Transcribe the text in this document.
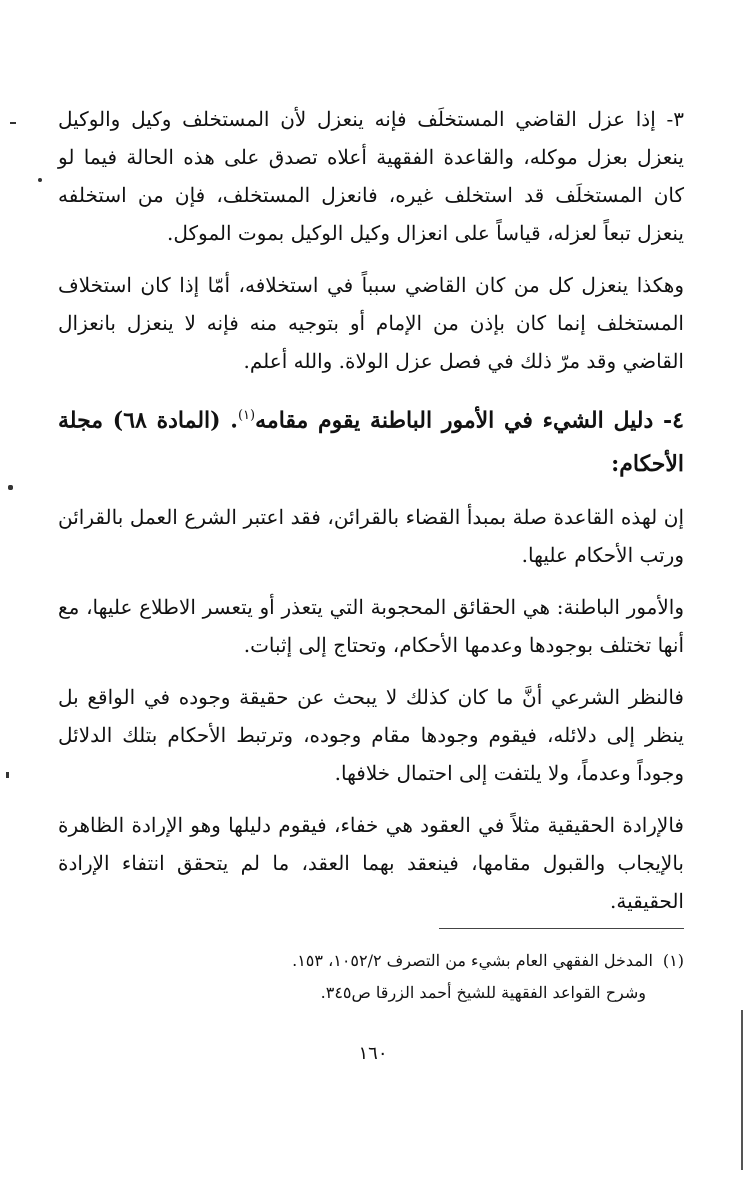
٣- إذا عزل القاضي المستخلَف فإنه ينعزل لأن المستخلف وكيل والوكيل ينعزل بعزل موكله، والقاعدة الفقهية أعلاه تصدق على هذه الحالة فيما لو كان المستخلَف قد استخلف غيره، فانعزل المستخلف، فإن من استخلفه ينعزل تبعاً لعزله، قياساً على انعزال وكيل الوكيل بموت الموكل.

وهكذا ينعزل كل من كان القاضي سبباً في استخلافه، أمّا إذا كان استخلاف المستخلف إنما كان بإذن من الإمام أو بتوجيه منه فإنه لا ينعزل بانعزال القاضي وقد مرّ ذلك في فصل عزل الولاة. والله أعلم.

٤- دليل الشيء في الأمور الباطنة يقوم مقامه$^{(١)}$. (المادة ٦٨) مجلة الأحكام:

إن لهذه القاعدة صلة بمبدأ القضاء بالقرائن، فقد اعتبر الشرع العمل بالقرائن ورتب الأحكام عليها.

والأمور الباطنة: هي الحقائق المحجوبة التي يتعذر أو يتعسر الاطلاع عليها، مع أنها تختلف بوجودها وعدمها الأحكام، وتحتاج إلى إثبات.

فالنظر الشرعي أنَّ ما كان كذلك لا يبحث عن حقيقة وجوده في الواقع بل ينظر إلى دلائله، فيقوم وجودها مقام وجوده، وترتبط الأحكام بتلك الدلائل وجوداً وعدماً، ولا يلتفت إلى احتمال خلافها.

فالإرادة الحقيقية مثلاً في العقود هي خفاء، فيقوم دليلها وهو الإرادة الظاهرة بالإيجاب والقبول مقامها، فينعقد بهما العقد، ما لم يتحقق انتفاء الإرادة الحقيقية.

(١)المدخل الفقهي العام بشيء من التصرف ١٠٥٢/٢، ١٥٣.

وشرح القواعد الفقهية للشيخ أحمد الزرقا ص٣٤٥.

١٦٠
